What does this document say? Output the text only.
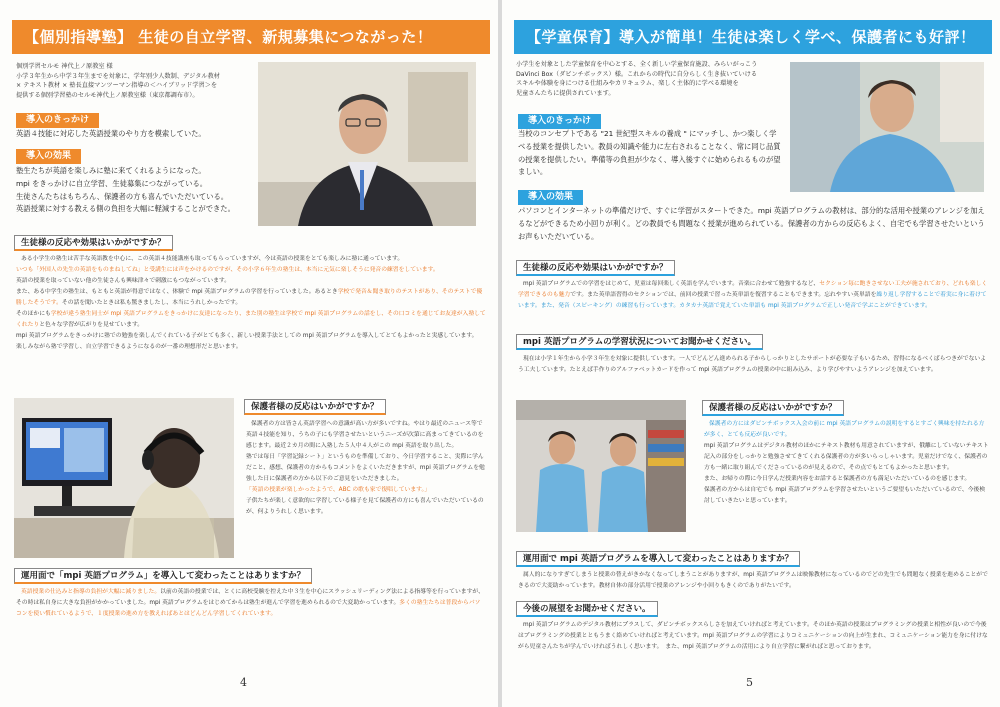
【個別指導塾】 生徒の自立学習、新規募集につながった！
個別学習セルモ 神代上ノ原教室 様
小学３年生から中学３年生までを対象に、学年別少人数制、デジタル教材
× テキスト教材 × 塾長直接マンツーマン指導の＜ハイブリッド学習＞を
提供する個別学習塾のセルモ神代上ノ原教室様（東京都調布市）。
導入のきっかけ
英語４技能に対応した英語授業のやり方を模索していた。
導入の効果
塾生たちが英語を楽しみに塾に来てくれるようになった。
mpi をきっかけに自立学習、生徒募集につながっている。
生徒さんたちはもちろん、保護者の方も喜んでいただいている。
英語授業に対する教える側の負担を大幅に軽減することができた。
生徒様の反応や効果はいかがですか？
ある小学生の塾生は苦手な英語教を中心に、この英語４技能講座も取ってもらっていますが、今は英語の授業をとても楽しみに塾に通っています。
いつも「外国人の先生の英語をものまねしてね」と受講生には声をかけるのですが、その小学６年生の塾生は、本当に元気に楽しそうに発音の練習をしています。
英語の授業を取っていない他の生徒さんも興味津々で刺激にもつながっています。
また、ある中学生の塾生は、もともと英語が得意ではなく、体験で mpi 英語プログラムの学習を行っていました。あるとき学校で発音＆聞き取りのテストがあり、そのテストで優勝したそうです。その話を聞いたときは私も驚きましたし、本当にうれしかったです。
そのほかにも学校が違う塾生同士が mpi 英語プログラムをきっかけに友達になったり、また別の塾生は学校で mpi 英語プログラムの話をし、その口コミを通じてお友達が入塾してくれたりと色々な学習が広がりを見せています。
mpi 英語プログラムをきっかけに塾での勉強を楽しんでくれている子がとても多く、新しい授業手法としての mpi 英語プログラムを導入してとてもよかったと実感しています。
楽しみながら塾で学習し、自立学習できるようになるのが一番の理想形だと思います。
保護者様の反応はいかがですか？
保護者の方は皆さん英語学習への意識が高い方が多いですね。やはり最近のニュース等で英語４技能を知り、うちの子にも学習させたいというニーズが次第に高まってきているのを感じます。最近２カ月の間に入塾した５人中４人がこの mpi 英語を取り出した。
塾では毎日「学習記録シート」というものを準備しており、今日学習すること、実際に学んだこと、感想、保護者の方からもコメントをよくいただきますが、mpi 英語プログラムを勉強した日に保護者の方から以下のご意見をいただきました。
「英語の授業が楽しかったようで、ABC の歌も家で復唱しています。」
子供たちが楽しく意欲的に学習している様子を見て保護者の方にも喜んでいただいているのが、何よりうれしく思います。
運用面で「mpi 英語プログラム」を導入して変わったことはありますか？
英語授業の仕込みと指導の負担が大幅に減りました。以前の英語の授業では、とくに高校受験を控えた中３生を中心にスラッシュリーディング法による指導等を行っていますが、その時は私自身に大きな負担がかかっていました。mpi 英語プログラムをはじめてからは塾生が進んで学習を進められるので大変助かっています。多くの塾生たちは普段からパソコンを使い慣れているようで、１度授業の進め方を教えればあとはどんどん学習してくれています。
4
【学童保育】導入が簡単！生徒は楽しく学べ、保護者にも好評！
小学生を対象とした学童保育を中心とする、全く新しい学童保育施設、みらいがっこう
DaVinci Box（ダビンチボックス）様。これからの時代に自分らしく生き抜いていける
スキルや体験を身につける仕組みやカリキュラム、楽しく主体的に学べる環境を
児童さんたちに提供されています。
導入のきっかけ
当校のコンセプトである "21 世紀型スキルの養成 " にマッチし、かつ楽しく学べる授業を提供したい。教員の知識や能力に左右されることなく、常に同じ品質の授業を提供したい。準備等の負担が少なく、導入後すぐに始められるものが望ましい。
導入の効果
パソコンとインターネットの準備だけで、すぐに学習がスタートできた。mpi 英語プログラムの教材は、部分的な活用や授業のアレンジを加えるなどができるため小回りが利く。どの教員でも問題なく授業が進められている。保護者の方からの反応もよく、自宅でも学習させたいというお声もいただいている。
生徒様の反応や効果はいかがですか？
mpi 英語プログラムでの学習をはじめて、児童は毎回楽しく英語を学んでいます。音楽に合わせて勉強するなど、セクション毎に飽きさせない工夫が施されており、どれも楽しく学習できるのも魅力です。また英単語習得のセクションでは、前回の授業で習った英単語を復習することもできます。忘れやすい英単語を繰り返し学習することで着実に身に着けています。また、発音（スピーキング）の練習も行っています。カタカナ英語で覚えていた単語も mpi 英語プログラムで正しい発音で学ぶことができています。
mpi 英語プログラムの学習状況についてお聞かせください。
現在は小学１年生から小学３年生を対象に提供しています。一人でどんどん進められる子からしっかりとしたサポートが必要な子もいるため、習得になるべくばらつきがでないよう工夫しています。たとえば手作りのアルファベットカードを作って mpi 英語プログラムの授業の中に組み込み、より学びやすいようアレンジを加えています。
保護者様の反応はいかがですか？
保護者の方にはダビンチボックス入会の前に mpi 英語プログラムの説明をするとすごく興味を持たれる方が多く、とても反応が良いです。
mpi 英語プログラムはデジタル教材のほかにテキスト教材も用意されていますが、俄離にしていないテキスト記入の部分をしっかりと勉強させてきてくれる保護者の方が多いらっしゃいます。児童だけでなく、保護者の方も一緒に取り組んでくださっているのが見えるので、その点でもとてもよかったと思います。
また、お帰りの際に今日学んだ授業内容をお話すると保護者の方も満足いただいているのを感じます。
保護者の方からは自宅でも mpi 英語プログラムを学習させたいというご要望もいただいているので、今後検討していきたいと思っています。
運用面で mpi 英語プログラムを導入して変わったことはありますか？
属人的になりすぎてしまうと授業の替えがきかなくなってしまうことがありますが、mpi 英語プログラムは映像教材になっているのでどの先生でも問題なく授業を進めることができるので大変助かっています。教材自体の部分活用で授業のアレンジや小回りもきくのでありがたいです。
今後の展望をお聞かせください。
mpi 英語プログラムのデジタル教材にプラスして、ダビンチボックスらしさを加えていければと考えています。そのほか英語の授業はプログラミングの授業と相性が良いので今後はプログラミングの授業とともうまく絡めていければと考えています。mpi 英語プログラムの学習によりコミュニケーションの向上が生まれ、コミュニケーション能力を身に付けながら児童さんたちが学んでいければうれしく思います。　また、mpi 英語プログラムの活用により自立学習に繋がればと思っております。
5
